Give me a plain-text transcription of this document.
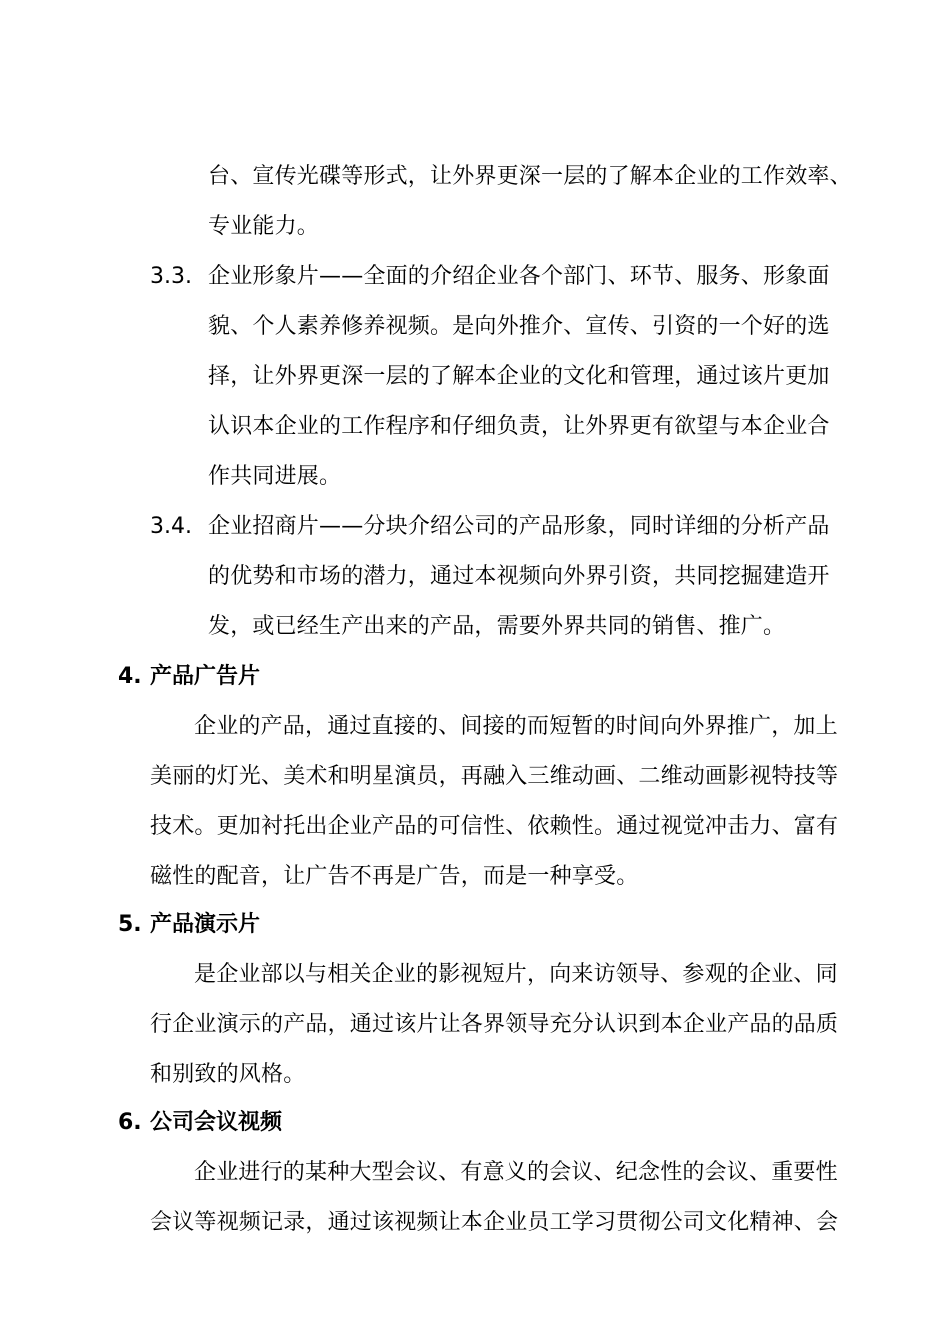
台、宣传光碟等形式，让外界更深一层的了解本企业的工作效率、
专业能力。
3.3. 企业形象片——全面的介绍企业各个部门、环节、服务、形象面
貌、个人素养修养视频。是向外推介、宣传、引资的一个好的选
择，让外界更深一层的了解本企业的文化和管理，通过该片更加
认识本企业的工作程序和仔细负责，让外界更有欲望与本企业合
作共同进展。
3.4. 企业招商片——分块介绍公司的产品形象，同时详细的分析产品
的优势和市场的潜力，通过本视频向外界引资，共同挖掘建造开
发，或已经生产出来的产品，需要外界共同的销售、推广。
4. 产品广告片
企业的产品，通过直接的、间接的而短暂的时间向外界推广，加上
美丽的灯光、美术和明星演员，再融入三维动画、二维动画影视特技等
技术。更加衬托出企业产品的可信性、依赖性。通过视觉冲击力、富有
磁性的配音，让广告不再是广告，而是一种享受。
5. 产品演示片
是企业部以与相关企业的影视短片，向来访领导、参观的企业、同
行企业演示的产品，通过该片让各界领导充分认识到本企业产品的品质
和别致的风格。
6. 公司会议视频
企业进行的某种大型会议、有意义的会议、纪念性的会议、重要性
会议等视频记录，通过该视频让本企业员工学习贯彻公司文化精神、会
